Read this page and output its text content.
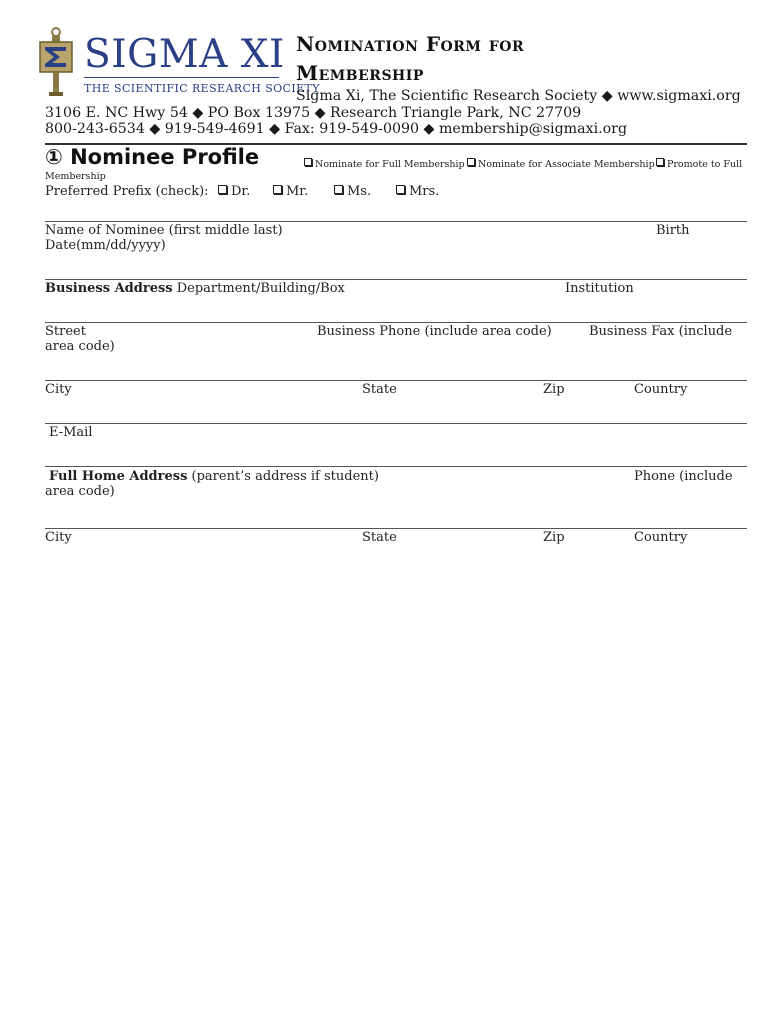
SIGMA XI
THE SCIENTIFIC RESEARCH SOCIETY
Nomination Form for
Membership
Sigma Xi, The Scientific Research Society ◆ www.sigmaxi.org
3106 E. NC Hwy 54 ◆ PO Box 13975 ◆ Research Triangle Park, NC 27709
800-243-6534 ◆ 919-549-4691 ◆ Fax: 919-549-0090 ◆ membership@sigmaxi.org
① Nominee Profile	Nominate for Full Membership	Nominate for Associate Membership	Promote to Full
Membership
Preferred Prefix (check):	Dr.	Mr.	Ms.	Mrs.
Name of Nominee (first middle last)	Birth
Date(mm/dd/yyyy)
Business Address Department/Building/Box	Institution
Street	Business Phone (include area code)	Business Fax (include
area code)
City	State	Zip	Country
E-Mail
Full Home Address (parent’s address if student)	Phone (include
area code)
City	State	Zip	Country
